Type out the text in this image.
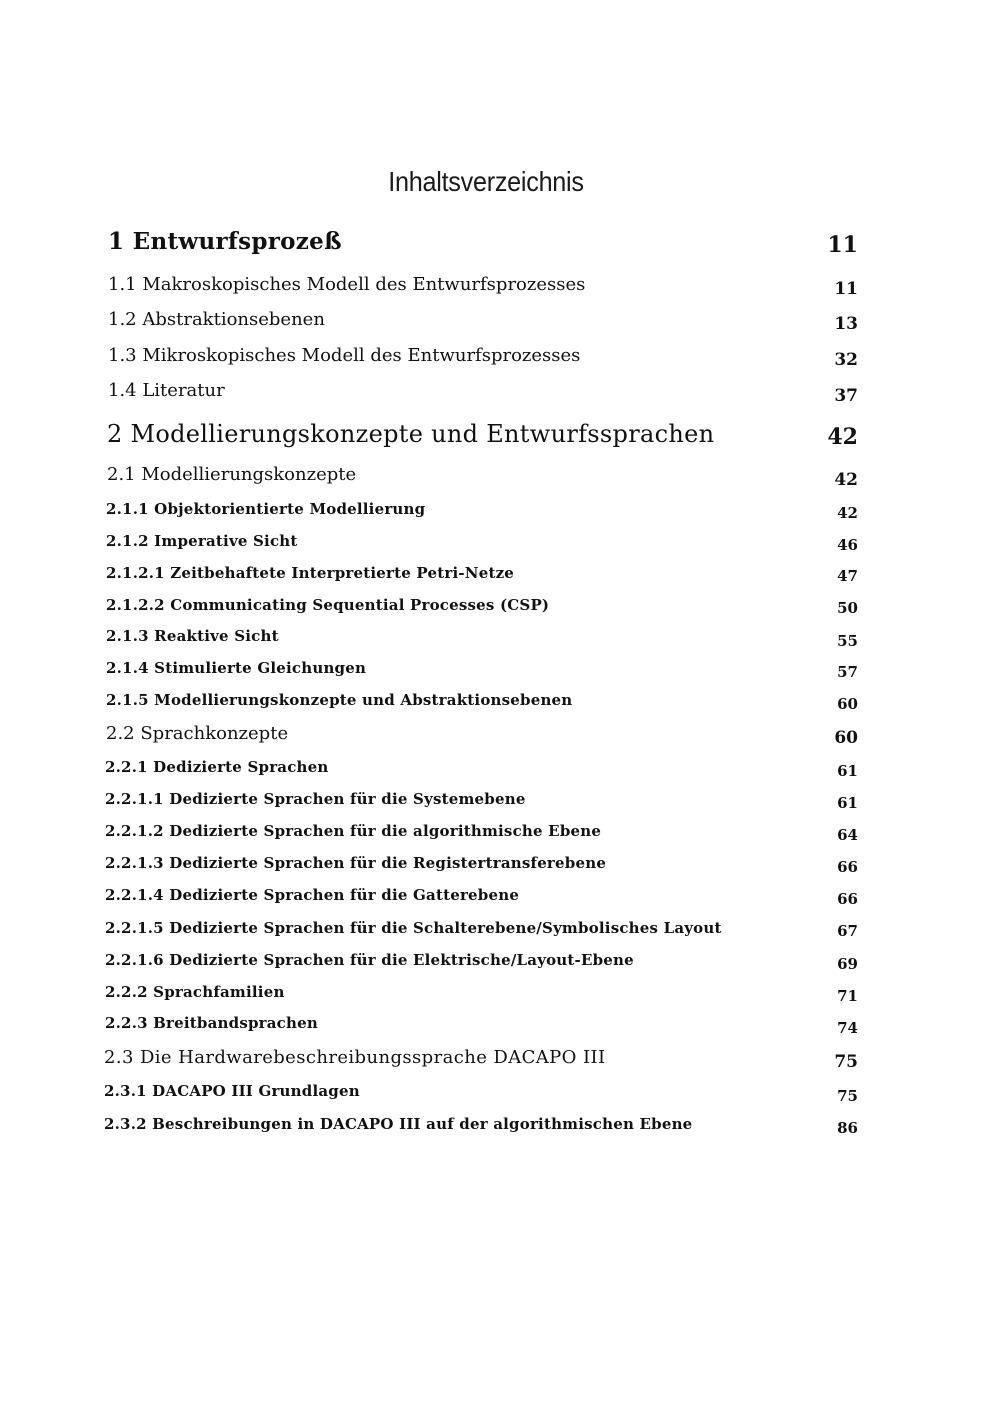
Inhaltsverzeichnis
1 Entwurfsprozeß	11
1.1 Makroskopisches Modell des Entwurfsprozesses	11
1.2 Abstraktionsebenen	13
1.3 Mikroskopisches Modell des Entwurfsprozesses	32
1.4 Literatur	37
2 Modellierungskonzepte und Entwurfssprachen	42
2.1 Modellierungskonzepte	42
2.1.1 Objektorientierte Modellierung	42
2.1.2 Imperative Sicht	46
2.1.2.1 Zeitbehaftete Interpretierte Petri-Netze	47
2.1.2.2 Communicating Sequential Processes (CSP)	50
2.1.3 Reaktive Sicht	55
2.1.4 Stimulierte Gleichungen	57
2.1.5 Modellierungskonzepte und Abstraktionsebenen	60
2.2 Sprachkonzepte	60
2.2.1 Dedizierte Sprachen	61
2.2.1.1 Dedizierte Sprachen für die Systemebene	61
2.2.1.2 Dedizierte Sprachen für die algorithmische Ebene	64
2.2.1.3 Dedizierte Sprachen für die Registertransferebene	66
2.2.1.4 Dedizierte Sprachen für die Gatterebene	66
2.2.1.5 Dedizierte Sprachen für die Schalterebene/Symbolisches Layout	67
2.2.1.6 Dedizierte Sprachen für die Elektrische/Layout-Ebene	69
2.2.2 Sprachfamilien	71
2.2.3 Breitbandsprachen	74
2.3 Die Hardwarebeschreibungssprache DACAPO III	75
2.3.1 DACAPO III Grundlagen	75
2.3.2 Beschreibungen in DACAPO III auf der algorithmischen Ebene	86
